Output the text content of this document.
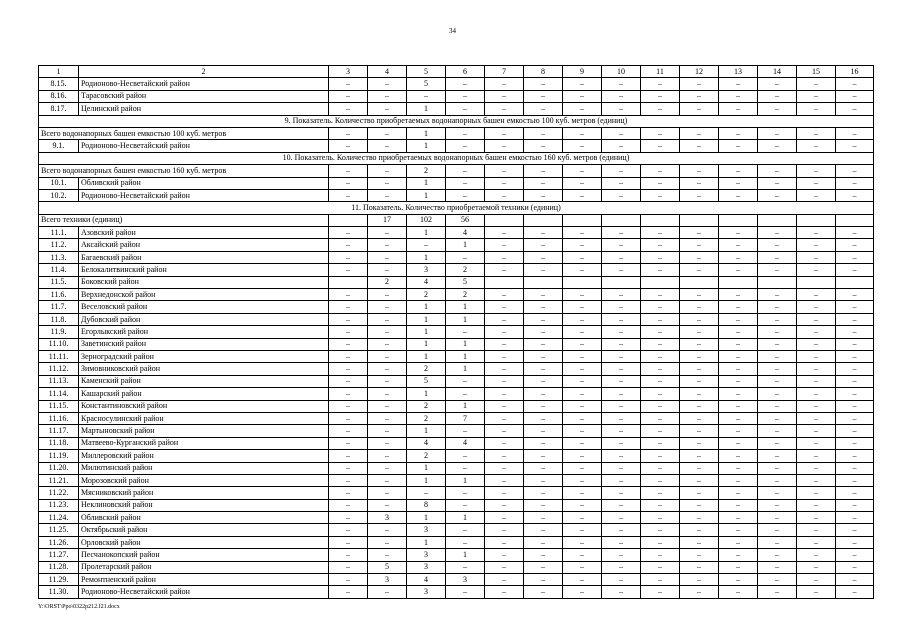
34
1	2	3	4	5	6	7	8	9	10	11	12	13	14	15	16
8.15.	Родионово-Несветайский район	–	–	5	–	–	–	–	–	–	–	–	–	–	–
8.16.	Тарасовский район	–	–	–	–	–	–	–	–	–	–	–	–	–	–
8.17.	Целинский район	–	–	1	–	–	–	–	–	–	–	–	–	–	–
9. Показатель. Количество приобретаемых водонапорных башен емкостью 100 куб. метров (единиц)															
Всего водонапорных башен емкостью 100 куб. метров		–	–	1	–	–	–	–	–	–	–	–	–	–	–
9.1.	Родионово-Несветайский район	–	–	1	–	–	–	–	–	–	–	–	–	–	–
10. Показатель. Количество приобретаемых водонапорных башен емкостью 160 куб. метров (единиц)															
Всего водонапорных башен емкостью 160 куб. метров		–	–	2	–	–	–	–	–	–	–	–	–	–	–
10.1.	Обливский район	–	–	1	–	–	–	–	–	–	–	–	–	–	–
10.2.	Родионово-Несветайский район	–	–	1	–	–	–	–	–	–	–	–	–	–	–
11. Показатель. Количество приобретаемой техники (единиц)															
Всего техники (единиц)			17	102	56										
11.1.	Азовский район	–	–	1	4	–	–	–	–	–	–	–	–	–	–
11.2.	Аксайский район	–	–	–	1	–	–	–	–	–	–	–	–	–	–
11.3.	Багаевский район	–	–	1	–	–	–	–	–	–	–	–	–	–	–
11.4.	Белокалитвинский район	–	–	3	2	–	–	–	–	–	–	–	–	–	–
11.5.	Боковский район		2	4	5										
11.6.	Верхнедонской район	–	–	2	2	–	–	–	–	–	–	–	–	–	–
11.7.	Веселовский район	–	–	1	1	–	–	–	–	–	–	–	–	–	–
11.8.	Дубовский район	–	–	1	1	–	–	–	–	–	–	–	–	–	–
11.9.	Егорлыкский район	–	–	1	–	–	–	–	–	–	–	–	–	–	–
11.10.	Заветинский район	–	–	1	1	–	–	–	–	–	–	–	–	–	–
11.11.	Зерноградский район	–	–	1	1	–	–	–	–	–	–	–	–	–	–
11.12.	Зимовниковский район	–	–	2	1	–	–	–	–	–	–	–	–	–	–
11.13.	Каменский район	–	–	5	–	–	–	–	–	–	–	–	–	–	–
11.14.	Кашарский район	–	–	1	–	–	–	–	–	–	–	–	–	–	–
11.15.	Константиновский район	–	–	2	1	–	–	–	–	–	–	–	–	–	–
11.16.	Красносулинский район	–	–	2	7	–	–	–	–	–	–	–	–	–	–
11.17.	Мартыновский район	–	–	1	–	–	–	–	–	–	–	–	–	–	–
11.18.	Матвеево-Курганский район	–	–	4	4	–	–	–	–	–	–	–	–	–	–
11.19.	Миллеровский район	–	–	2	–	–	–	–	–	–	–	–	–	–	–
11.20.	Милютинский район	–	–	1	–	–	–	–	–	–	–	–	–	–	–
11.21.	Морозовский район	–	–	1	1	–	–	–	–	–	–	–	–	–	–
11.22.	Мясниковский район	–	–	–	–	–	–	–	–	–	–	–	–	–	–
11.23.	Неклиновский район	–	–	8	–	–	–	–	–	–	–	–	–	–	–
11.24.	Обливский район	–	3	1	1	–	–	–	–	–	–	–	–	–	–
11.25.	Октябрьский район	–	–	3	–	–	–	–	–	–	–	–	–	–	–
11.26.	Орловский район	–	–	1	–	–	–	–	–	–	–	–	–	–	–
11.27.	Песчанокопский район	–	–	3	1	–	–	–	–	–	–	–	–	–	–
11.28.	Пролетарский район	–	5	3	–	–	–	–	–	–	–	–	–	–	–
11.29.	Ремонтненский район	–	3	4	3	–	–	–	–	–	–	–	–	–	–
11.30.	Родионово-Несветайский район	–	–	3	–	–	–	–	–	–	–	–	–	–	–
Y:\ORST\Ppo\0322p212.f21.docx
